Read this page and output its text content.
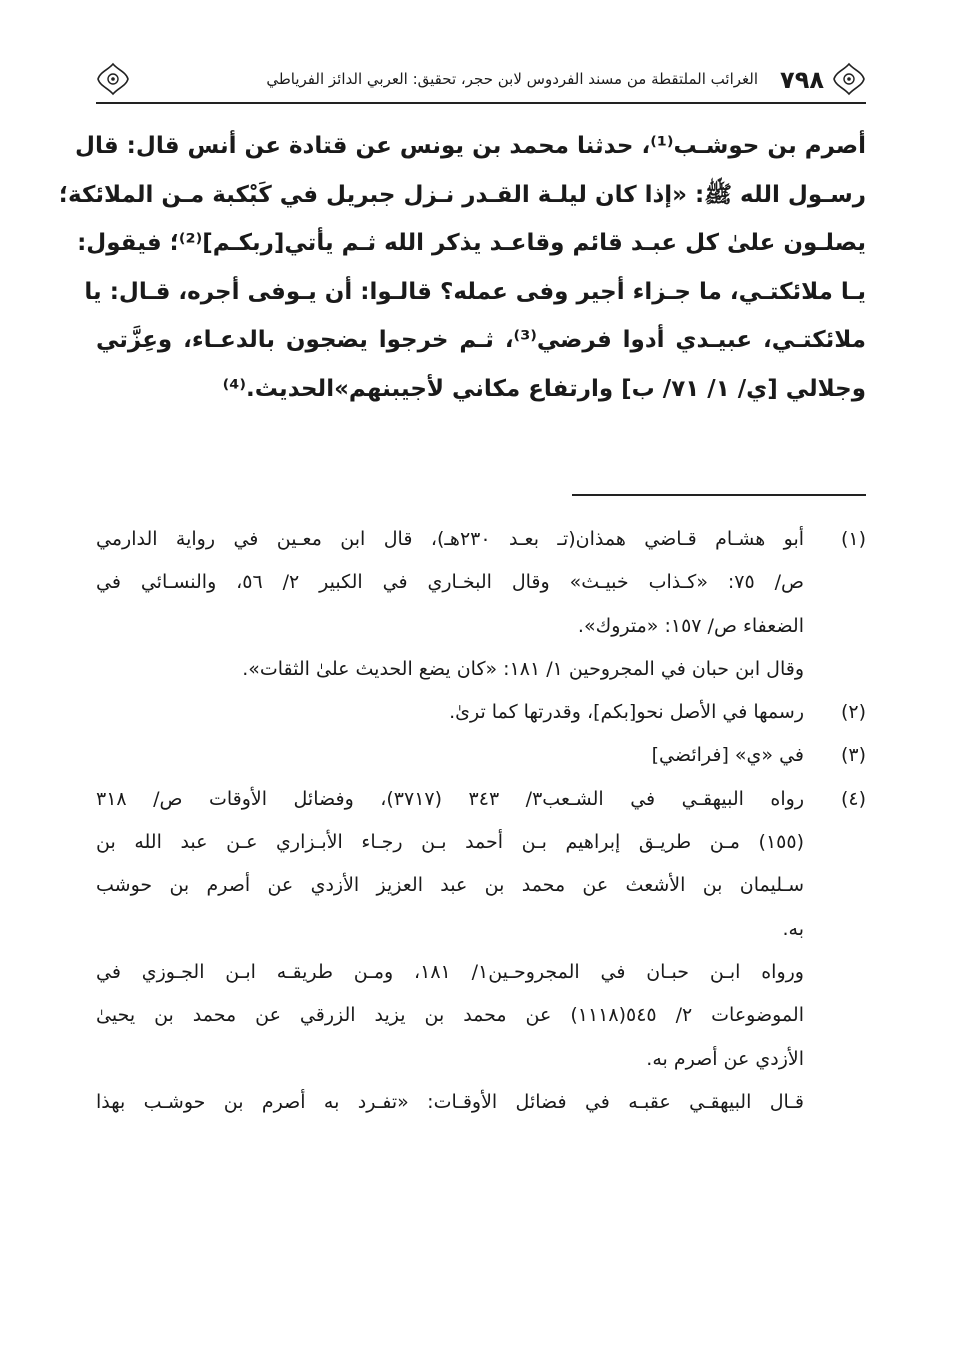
٧٩٨
الغرائب الملتقطة من مسند الفردوس لابن حجر، تحقيق: العربي الدائز الفرياطي
أصرم بن حوشـب⁽¹⁾، حدثنا محمد بن يونس عن قتادة عن أنس قال: قال
رسـول الله ﷺ: «إذا كان ليلـة القـدر نـزل جبريل في كَبْكبة مـن الملائكة؛
يصلـون علىٰ كل عبـد قائم وقاعـد يذكر الله ثـم يأتي[ربكـم]⁽²⁾؛ فيقول:
يـا ملائكتـي، ما جـزاء أجير وفى عمله؟ قالـوا: أن يـوفى أجره، قـال: يا
ملائكتـي، عبيـدي أدوا فرضي⁽³⁾، ثـم خرجوا يضجون بالدعـاء، وعِزَّتي
وجلالي [ي/ ١/ ٧١/ ب] وارتفاع مكاني لأجيبنهم»الحديث.⁽⁴⁾
(١)
أبو هشـام قـاضي همذان(تـ بعـد ٢٣٠هـ)، قال ابن معـين في رواية الدارمي
ص/ ٧٥: «كـذاب خبيـث» وقال البخـاري في الكبير ٢/ ٥٦، والنسـائي في
الضعفاء ص/ ١٥٧: «متروك».
وقال ابن حبان في المجروحين ١/ ١٨١: «كان يضع الحديث علىٰ الثقات».
(٢)
رسمها في الأصل نحو[بكم]، وقدرتها كما ترىٰ.
(٣)
في «ي» [فرائضي]
(٤)
رواه البيهقـي في الشـعب٣/ ٣٤٣ (٣٧١٧)، وفضائل الأوقات ص/ ٣١٨
(١٥٥) مـن طريـق إبراهيم بـن أحمد بـن رجـاء الأبـزاري عـن عبد الله بن
سـليمان بن الأشعث عن محمد بن عبد العزيز الأزدي عن أصرم بن حوشب
به.
ورواه ابـن حبـان في المجروحـين١/ ١٨١، ومـن طريقـه ابـن الجـوزي في
الموضوعات ٢/ ٥٤٥(١١١٨) عن محمد بن يزيد الزرقي عن محمد بن يحيىٰ
الأزدي عن أصرم به.
قـال البيهقـي عقبـه في فضائل الأوقـات: «تفـرد به أصرم بن حوشـب بهذا
